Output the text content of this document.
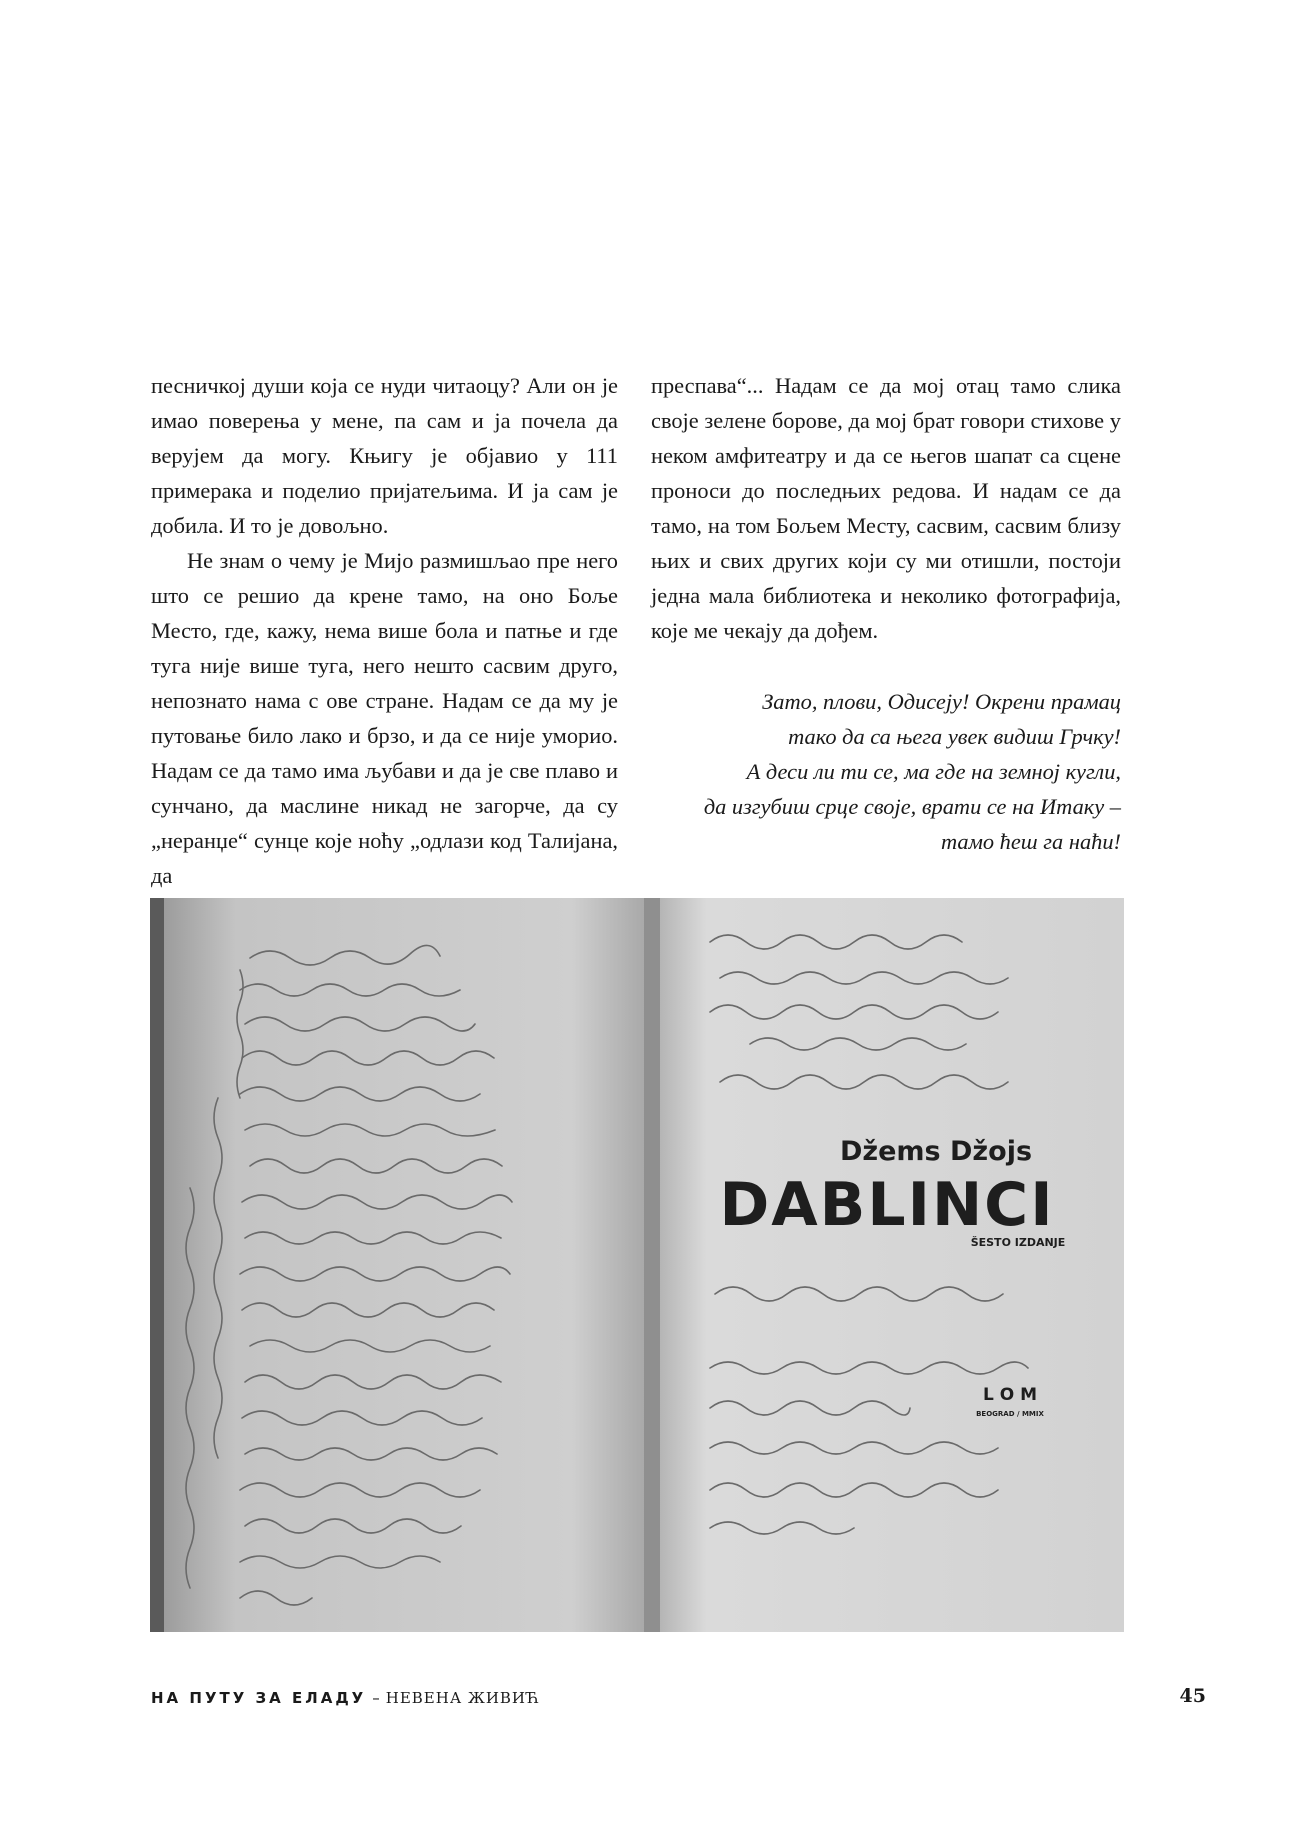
песничкој души која се нуди читаоцу? Али он је имао поверења у мене, па сам и ја почела да верујем да могу. Књигу је објавио у 111 примерака и поделио пријатељима. И ја сам је добила. И то је довољно.

Не знам о чему је Мијо размишљао пре него што се решио да крене тамо, на оно Боље Место, где, кажу, нема више бола и патње и где туга није више туга, него нешто сасвим друго, непознато нама с ове стране. Надам се да му је путовање било лако и брзо, и да се није уморио. Надам се да тамо има љубави и да је све плаво и сунчано, да маслине никад не загорче, да су „неранџе“ сунце које ноћу „одлази код Талијана, да

преспава“... Надам се да мој отац тамо слика своје зелене борове, да мој брат говори стихове у неком амфитеатру и да се његов шапат са сцене проноси до последњих редова. И надам се да тамо, на том Бољем Месту, сасвим, сасвим близу њих и свих других који су ми отишли, постоји једна мала библиотека и неколико фотографија, које ме чекају да дођем.

Зато, плови, Одисеју! Окрени прамац
тако да са њега увек видиш Грчку!
А деси ли ти се, ма где на земној кугли,
да изгубиш срце своје, врати се на Итаку –
тамо ћеш га наћи!

Džems Džojs
DABLINCI
ŠESTO IZDANJE
L O M
BEOGRAD / MMIX
НА ПУТУ ЗА ЕЛАДУ – НЕВЕНА ЖИВИЋ	45
